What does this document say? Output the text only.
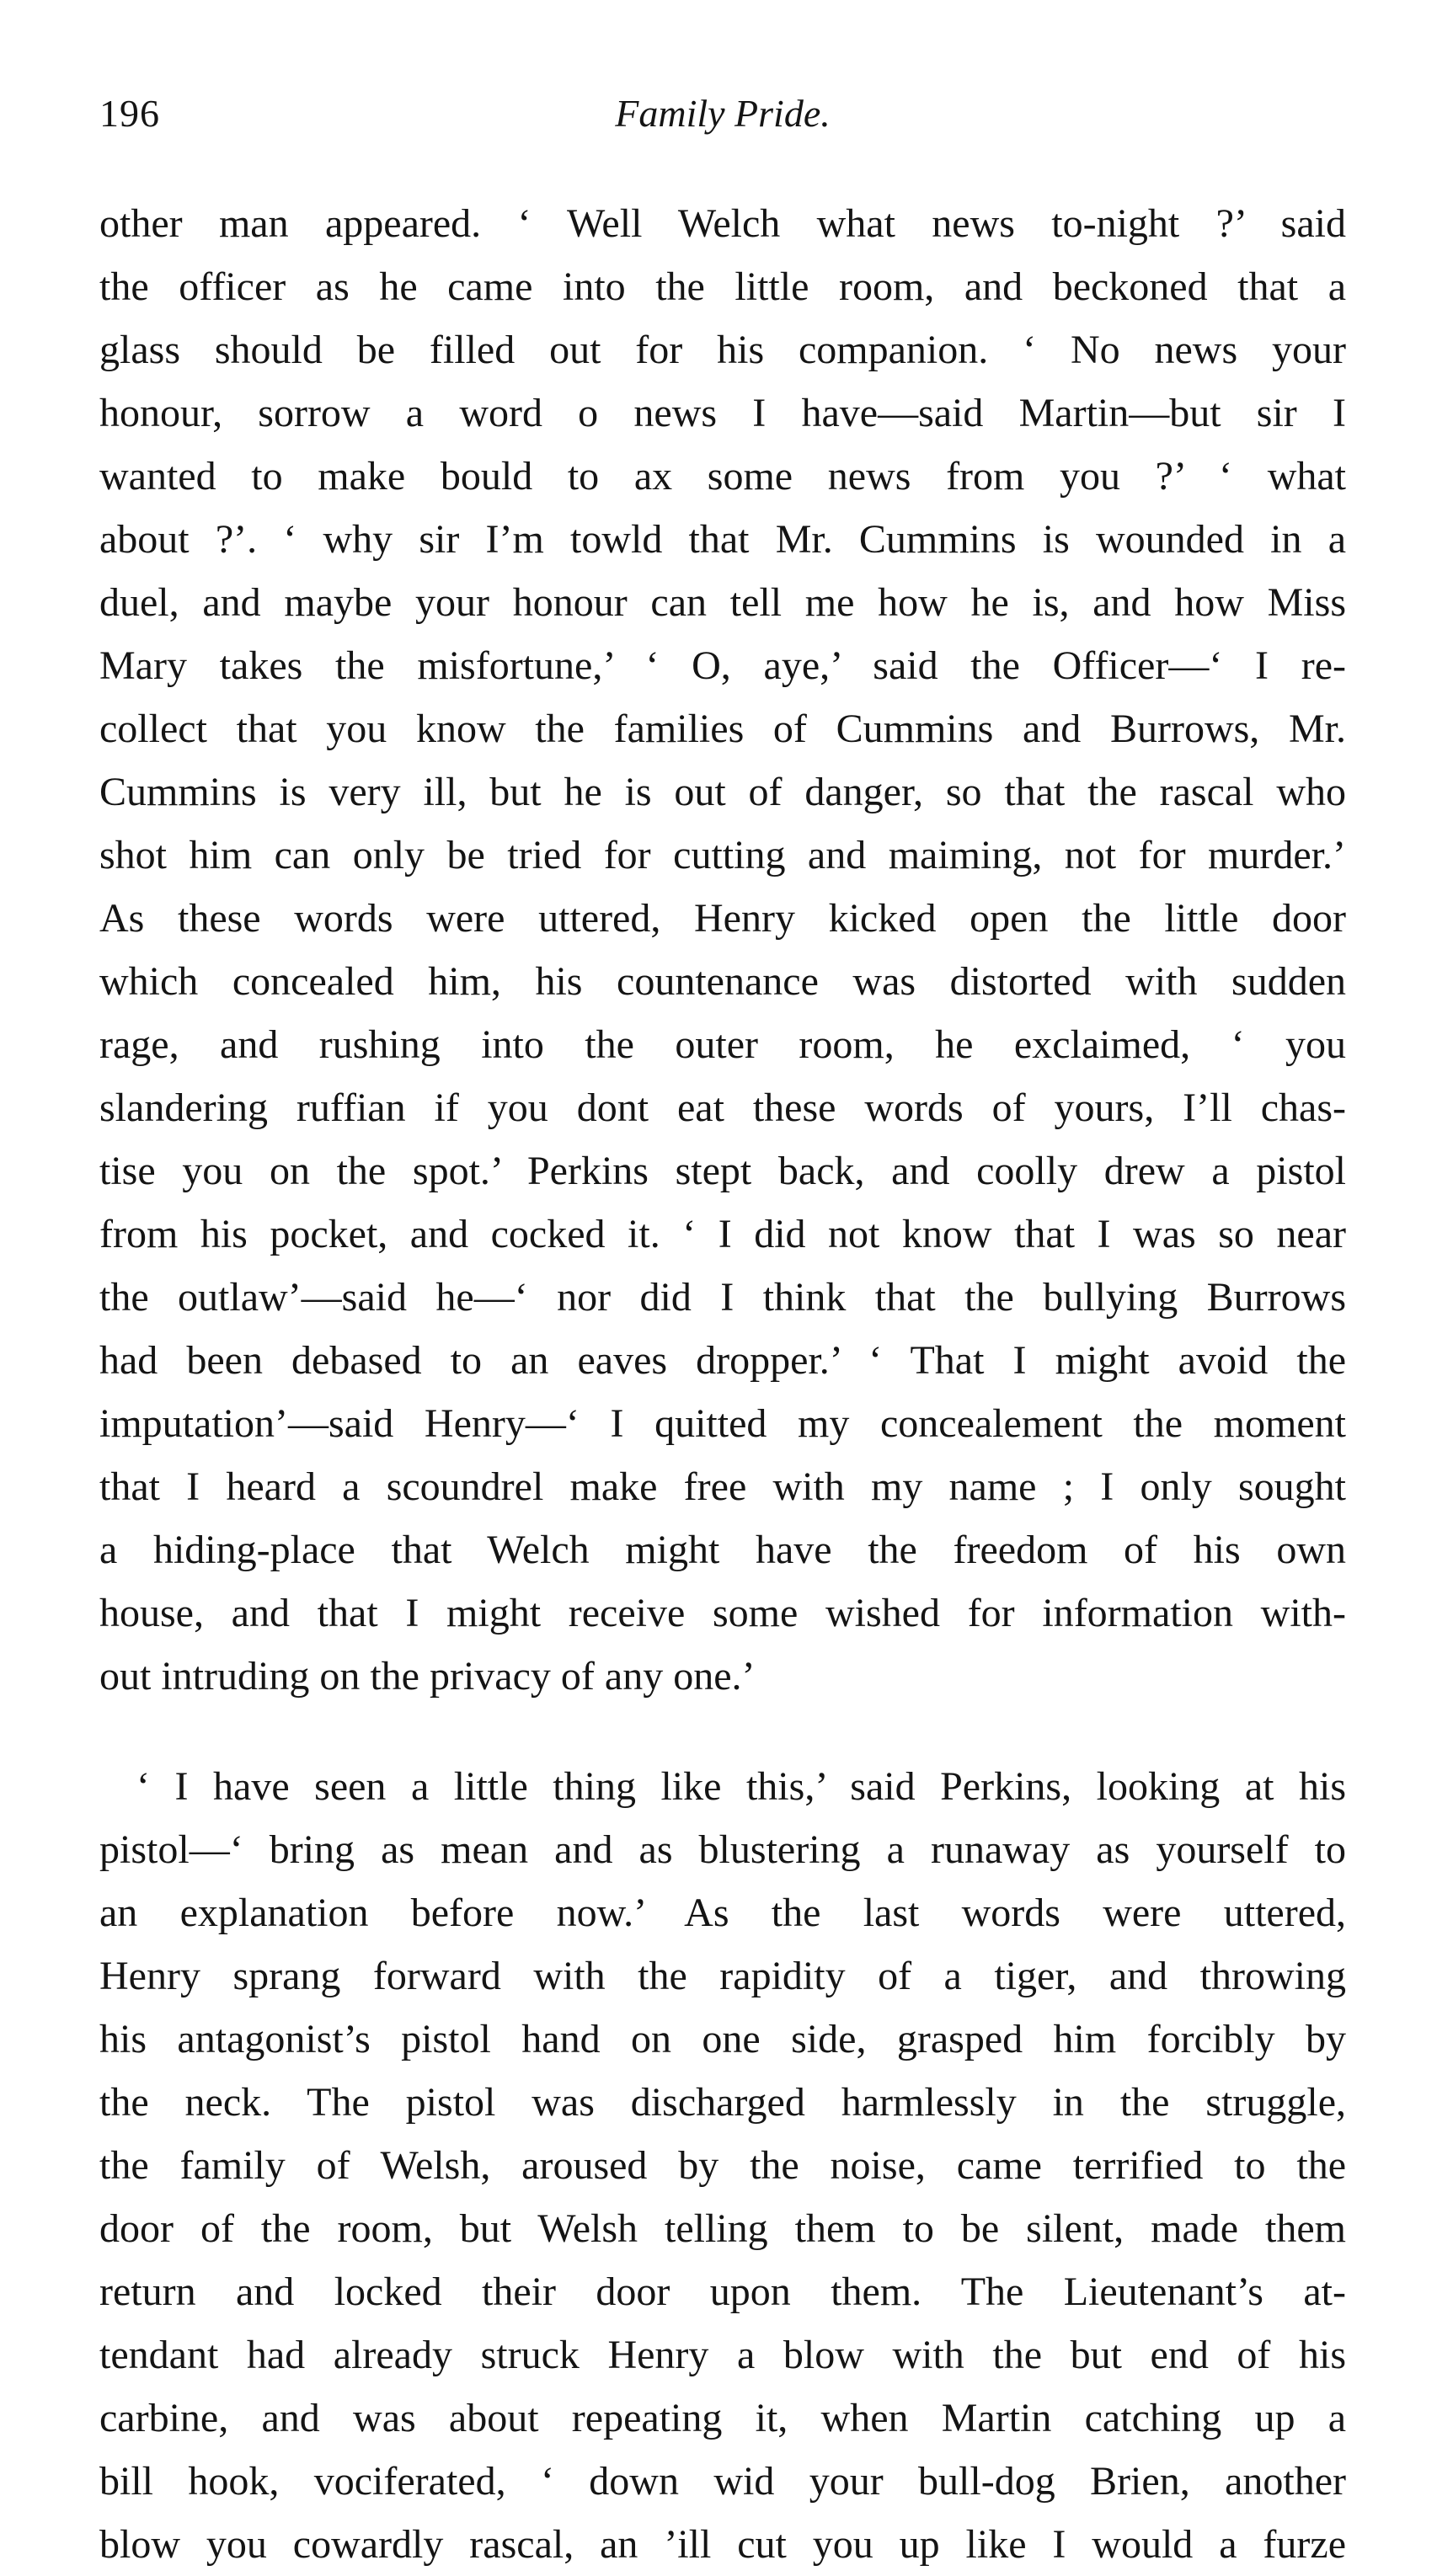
196	Family Pride.
other man appeared. ‘ Well Welch what news to-night ?’ said
the officer as he came into the little room, and beckoned that a
glass should be filled out for his companion. ‘ No news your
honour, sorrow a word o news I have—said Martin—but sir I
wanted to make bould to ax some news from you ?’ ‘ what
about ?’. ‘ why sir I’m towld that Mr. Cummins is wounded in a
duel, and maybe your honour can tell me how he is, and how Miss
Mary takes the misfortune,’ ‘ O, aye,’ said the Officer—‘ I re-
collect that you know the families of Cummins and Burrows, Mr.
Cummins is very ill, but he is out of danger, so that the rascal who
shot him can only be tried for cutting and maiming, not for murder.’
As these words were uttered, Henry kicked open the little door
which concealed him, his countenance was distorted with sudden
rage, and rushing into the outer room, he exclaimed, ‘ you
slandering ruffian if you dont eat these words of yours, I’ll chas-
tise you on the spot.’ Perkins stept back, and coolly drew a pistol
from his pocket, and cocked it. ‘ I did not know that I was so near
the outlaw’—said he—‘ nor did I think that the bullying Burrows
had been debased to an eaves dropper.’ ‘ That I might avoid the
imputation’—said Henry—‘ I quitted my concealement the moment
that I heard a scoundrel make free with my name ; I only sought
a hiding-place that Welch might have the freedom of his own
house, and that I might receive some wished for information with-
out intruding on the privacy of any one.’
‘ I have seen a little thing like this,’ said Perkins, looking at his
pistol—‘ bring as mean and as blustering a runaway as yourself to
an explanation before now.’ As the last words were uttered,
Henry sprang forward with the rapidity of a tiger, and throwing
his antagonist’s pistol hand on one side, grasped him forcibly by
the neck. The pistol was discharged harmlessly in the struggle,
the family of Welsh, aroused by the noise, came terrified to the
door of the room, but Welsh telling them to be silent, made them
return and locked their door upon them. The Lieutenant’s at-
tendant had already struck Henry a blow with the but end of his
carbine, and was about repeating it, when Martin catching up a
bill hook, vociferated, ‘ down wid your bull-dog Brien, another
blow you cowardly rascal, an ’ill cut you up like I would a furze
